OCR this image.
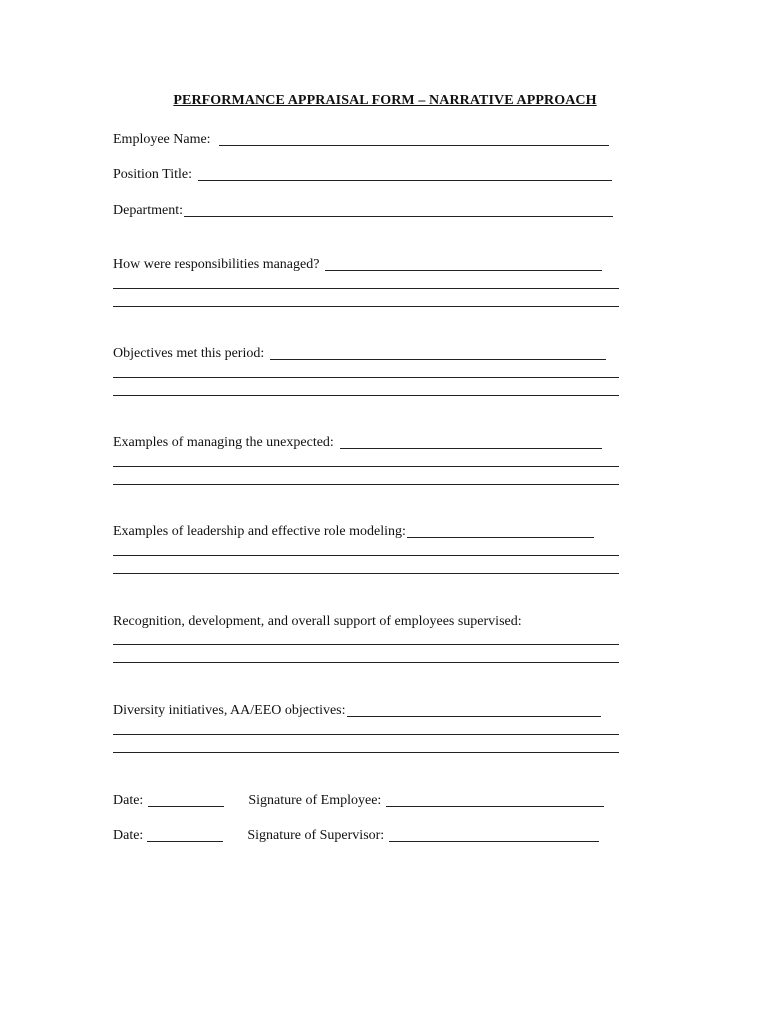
PERFORMANCE APPRAISAL FORM – NARRATIVE APPROACH
Employee Name:
Position Title:
Department:
How were responsibilities managed?
Objectives met this period:
Examples of managing the unexpected:
Examples of leadership and effective role modeling:
Recognition, development, and overall support of employees supervised:
Diversity initiatives, AA/EEO objectives:
Date:	Signature of Employee:
Date:	Signature of Supervisor:
